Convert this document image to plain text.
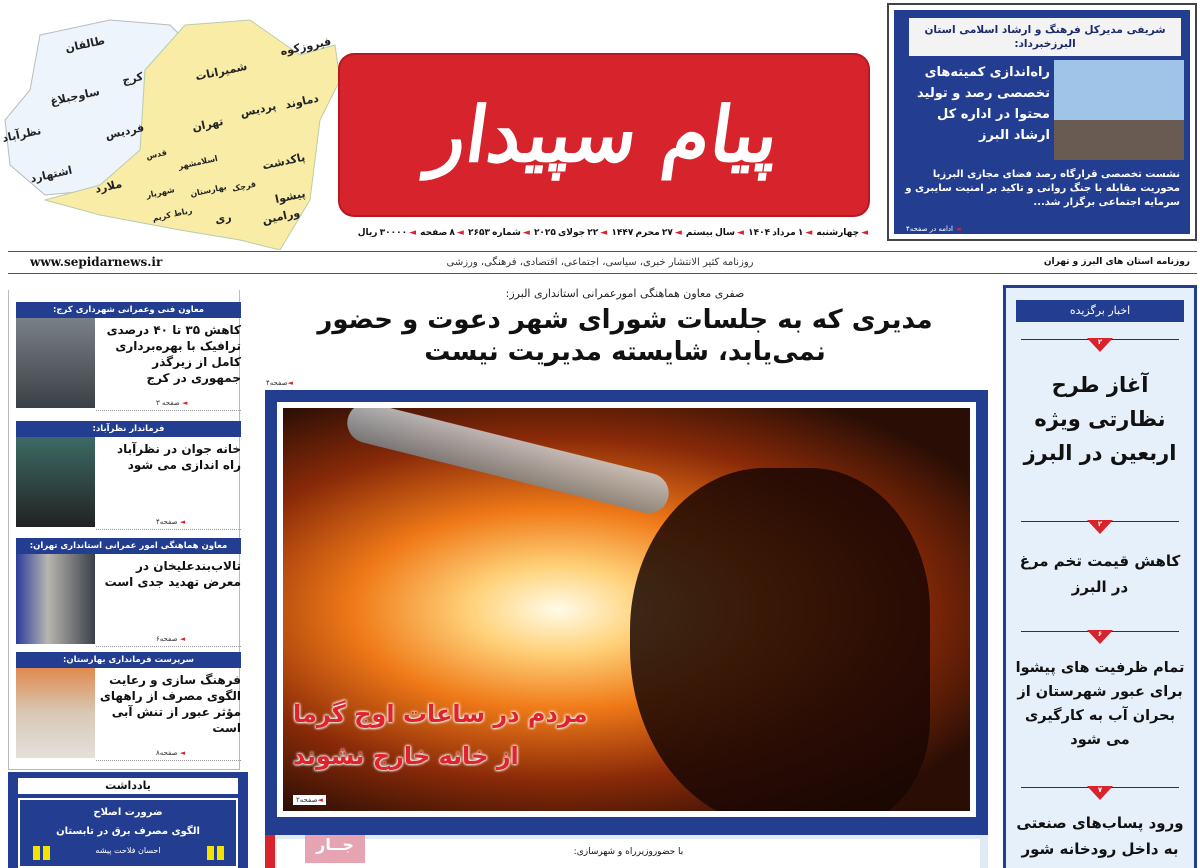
طالقان
ساوجبلاغ
کرج
نظرآباد	فردیس
اشتهارد
ملارد
قدس اسلامشهر
شهریار بهارستان
رباط کریم ری
قرچک
پاکدشت
پیشوا
ورامین
تهران
پردیس دماوند
شمیرانات
فیروزکوه
پیام سپیدار
◄چهارشنبه ◄۱ مرداد ۱۴۰۴ ◄سال بیستم ◄۲۷ محرم ۱۴۴۷ ◄۲۲ جولای ۲۰۲۵ ◄شماره ۲۶۵۳ ◄۸ صفحه ◄۳۰۰۰۰ ریال
شریفی مدیرکل فرهنگ و ارشاد اسلامی استان البرزخبرداد:
راه‌اندازی کمیته‌های تخصصی رصد و تولید محتوا در اداره کل ارشاد البرز
نشست تخصصی قرارگاه رصد فضای مجازی البرزبا محوریت مقابله با جنگ روانی و تاکید بر امنیت سایبری و سرمایه اجتماعی برگزار شد...
◄ ادامه در صفحه۴
www.sepidarnews.ir	روزنامه کثیر الانتشار خبری، سیاسی، اجتماعی، اقتصادی، فرهنگی، ورزشی	روزنامه استان های البرز و تهران
صفری معاون هماهنگی امورعمرانی استانداری البرز:
مدیری که به جلسات شورای شهر دعوت و حضور نمی‌یابد، شایسته مدیریت نیست
◄صفحه۴
مردم در ساعات اوج گرما
از خانه خارج نشوند
◄صفحه۲
با حضوروزیرراه و شهرسازی:
جــار
معاون فنی وعمرانی شهرداری کرج:
کاهش ۳۵ تا ۴۰ درصدی ترافیک با بهره‌برداری کامل از زیرگذر جمهوری در کرج
◄ صفحه ۳
فرماندار نظرآباد:
خانه جوان در نظرآباد راه اندازی می شود
◄ صفحه۴
معاون هماهنگی امور عمرانی استانداری تهران:
تالاب‌بندعلیخان در معرض تهدید جدی است
◄ صفحه۶
سرپرست فرمانداری بهارستان:
فرهنگ سازی و رعایت الگوی مصرف از راههای مؤثر عبور از تنش آبی است
◄ صفحه۸
یادداشت
ضرورت اصلاح
الگوی مصرف برق در تابستان
احسان فلاحت پیشه
اخبار برگزیده
۲
آغاز طرح نظارتی ویژه اربعین در البرز
۲
کاهش قیمت تخم مرغ در البرز
۶
تمام ظرفیت های پیشوا برای عبور شهرستان از بحران آب به کارگیری می شود
۷
ورود پساب‌های صنعتی به داخل رودخانه شور
